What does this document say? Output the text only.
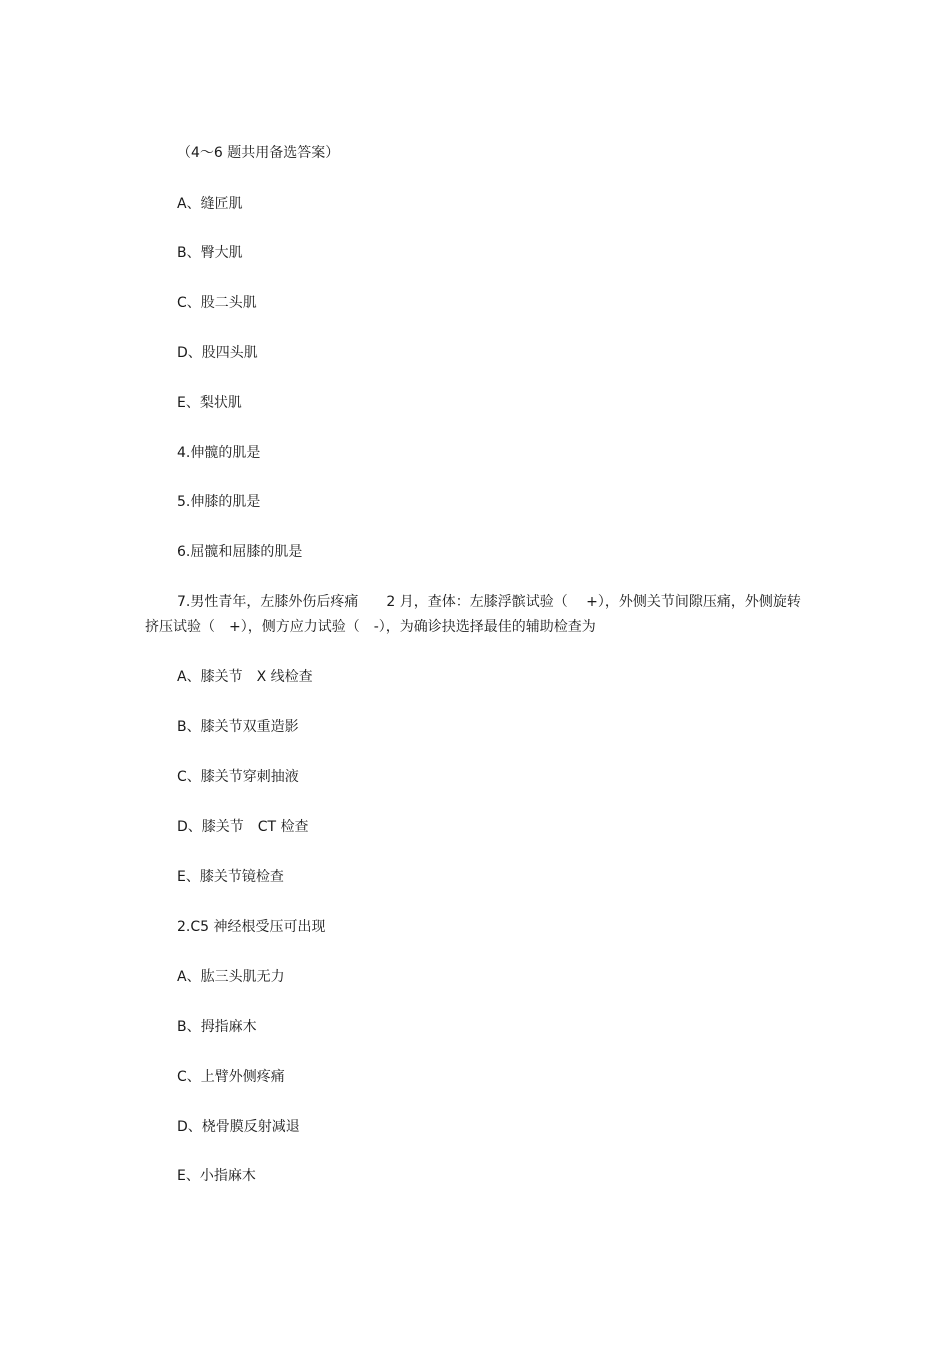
（4～6 题共用备选答案）
A、缝匠肌
B、臀大肌
C、股二头肌
D、股四头肌
E、梨状肌
4.伸髋的肌是
5.伸膝的肌是
6.屈髋和屈膝的肌是
7.男性青年，左膝外伤后疼痛　　2 月，查体：左膝浮髌试验（　 +），外侧关节间隙压痛，外侧旋转挤压试验（　+），侧方应力试验（　-），为确诊抉选择最佳的辅助检查为
A、膝关节　X 线检查
B、膝关节双重造影
C、膝关节穿刺抽液
D、膝关节　CT 检查
E、膝关节镜检查
2.C5 神经根受压可出现
A、肱三头肌无力
B、拇指麻木
C、上臂外侧疼痛
D、桡骨膜反射减退
E、小指麻木
